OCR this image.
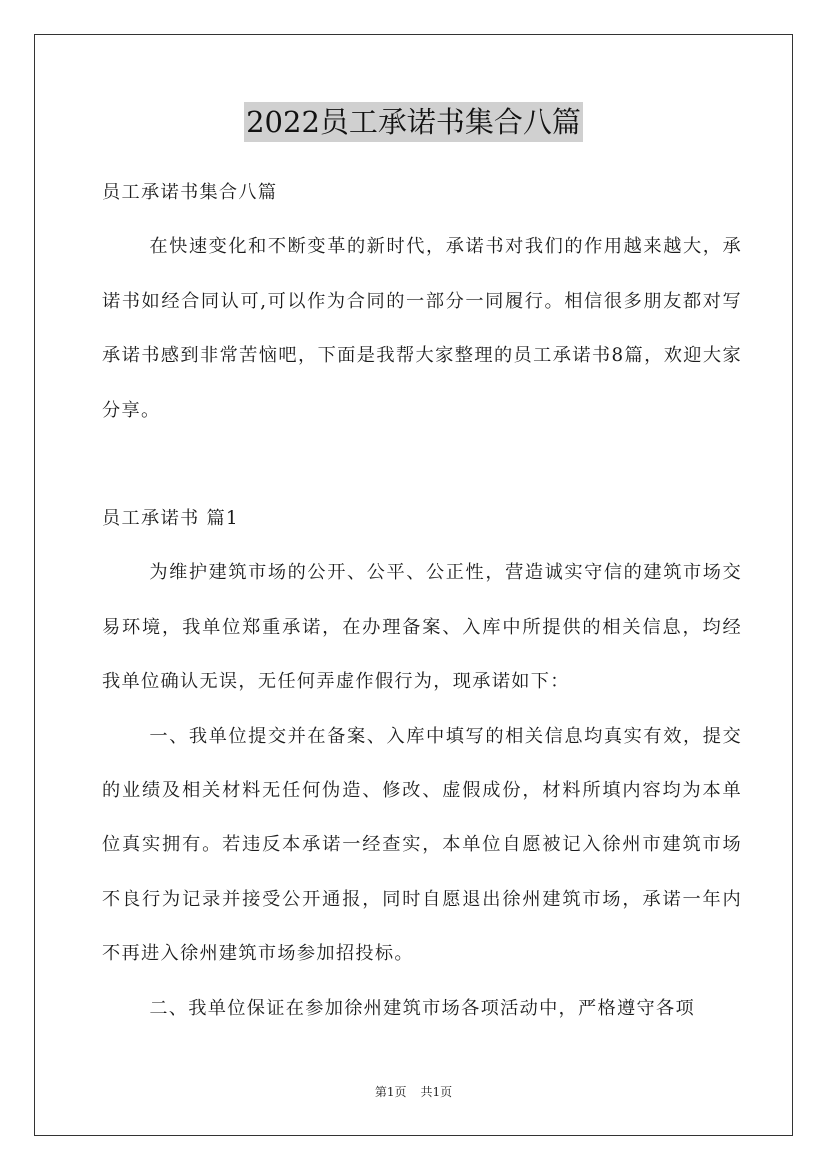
2022员工承诺书集合八篇

员工承诺书集合八篇

在快速变化和不断变革的新时代，承诺书对我们的作用越来越大，承诺书如经合同认可,可以作为合同的一部分一同履行。相信很多朋友都对写承诺书感到非常苦恼吧，下面是我帮大家整理的员工承诺书8篇，欢迎大家分享。

员工承诺书 篇1

为维护建筑市场的公开、公平、公正性，营造诚实守信的建筑市场交易环境，我单位郑重承诺，在办理备案、入库中所提供的相关信息，均经我单位确认无误，无任何弄虚作假行为，现承诺如下：

一、我单位提交并在备案、入库中填写的相关信息均真实有效，提交的业绩及相关材料无任何伪造、修改、虚假成份，材料所填内容均为本单位真实拥有。若违反本承诺一经查实，本单位自愿被记入徐州市建筑市场不良行为记录并接受公开通报，同时自愿退出徐州建筑市场，承诺一年内不再进入徐州建筑市场参加招投标。

二、我单位保证在参加徐州建筑市场各项活动中，严格遵守各项

第1页 共1页
